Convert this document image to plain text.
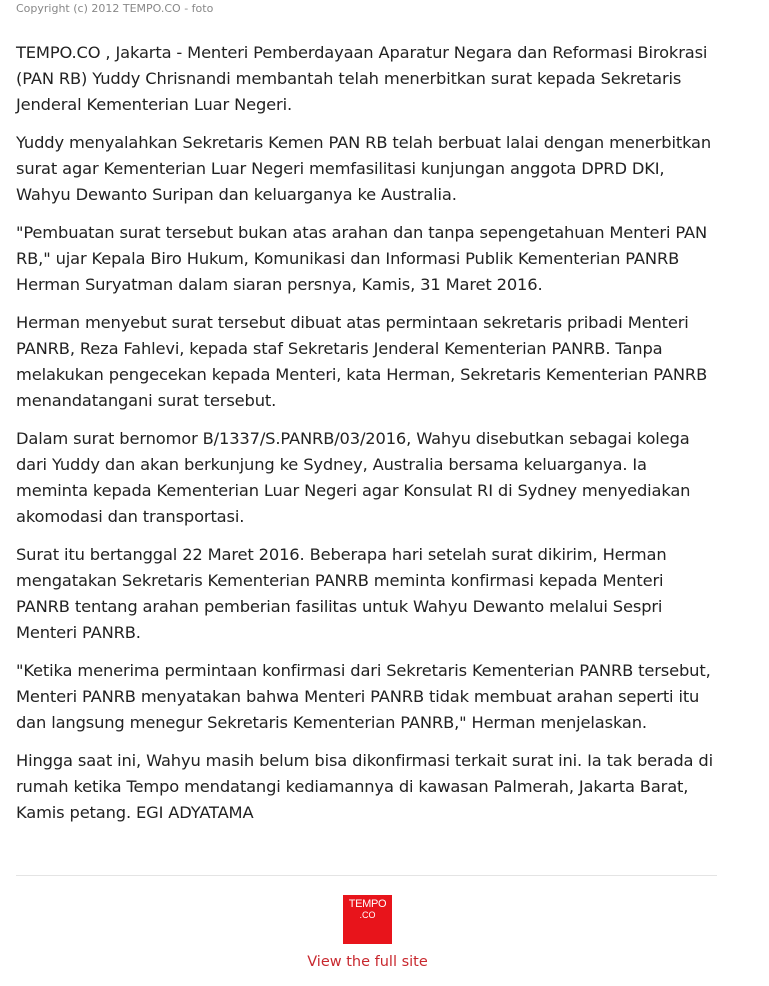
Copyright (c) 2012 TEMPO.CO - foto

TEMPO.CO , Jakarta - Menteri Pemberdayaan Aparatur Negara dan Reformasi Birokrasi (PAN RB) Yuddy Chrisnandi membantah telah menerbitkan surat kepada Sekretaris Jenderal Kementerian Luar Negeri.

Yuddy menyalahkan Sekretaris Kemen PAN RB telah berbuat lalai dengan menerbitkan surat agar Kementerian Luar Negeri memfasilitasi kunjungan anggota DPRD DKI, Wahyu Dewanto Suripan dan keluarganya ke Australia.

"Pembuatan surat tersebut bukan atas arahan dan tanpa sepengetahuan Menteri PAN RB," ujar Kepala Biro Hukum, Komunikasi dan Informasi Publik Kementerian PANRB Herman Suryatman dalam siaran persnya, Kamis, 31 Maret 2016.

Herman menyebut surat tersebut dibuat atas permintaan sekretaris pribadi Menteri PANRB, Reza Fahlevi, kepada staf Sekretaris Jenderal Kementerian PANRB. Tanpa melakukan pengecekan kepada Menteri, kata Herman, Sekretaris Kementerian PANRB menandatangani surat tersebut.

Dalam surat bernomor B/1337/S.PANRB/03/2016, Wahyu disebutkan sebagai kolega dari Yuddy dan akan berkunjung ke Sydney, Australia bersama keluarganya. Ia meminta kepada Kementerian Luar Negeri agar Konsulat RI di Sydney menyediakan akomodasi dan transportasi.

Surat itu bertanggal 22 Maret 2016. Beberapa hari setelah surat dikirim, Herman mengatakan Sekretaris Kementerian PANRB meminta konfirmasi kepada Menteri PANRB tentang arahan pemberian fasilitas untuk Wahyu Dewanto melalui Sespri Menteri PANRB.

"Ketika menerima permintaan konfirmasi dari Sekretaris Kementerian PANRB tersebut, Menteri PANRB menyatakan bahwa Menteri PANRB tidak membuat arahan seperti itu dan langsung menegur Sekretaris Kementerian PANRB," Herman menjelaskan.

Hingga saat ini, Wahyu masih belum bisa dikonfirmasi terkait surat ini. Ia tak berada di rumah ketika Tempo mendatangi kediamannya di kawasan Palmerah, Jakarta Barat, Kamis petang. EGI ADYATAMA

TEMPO
.CO
View the full site
